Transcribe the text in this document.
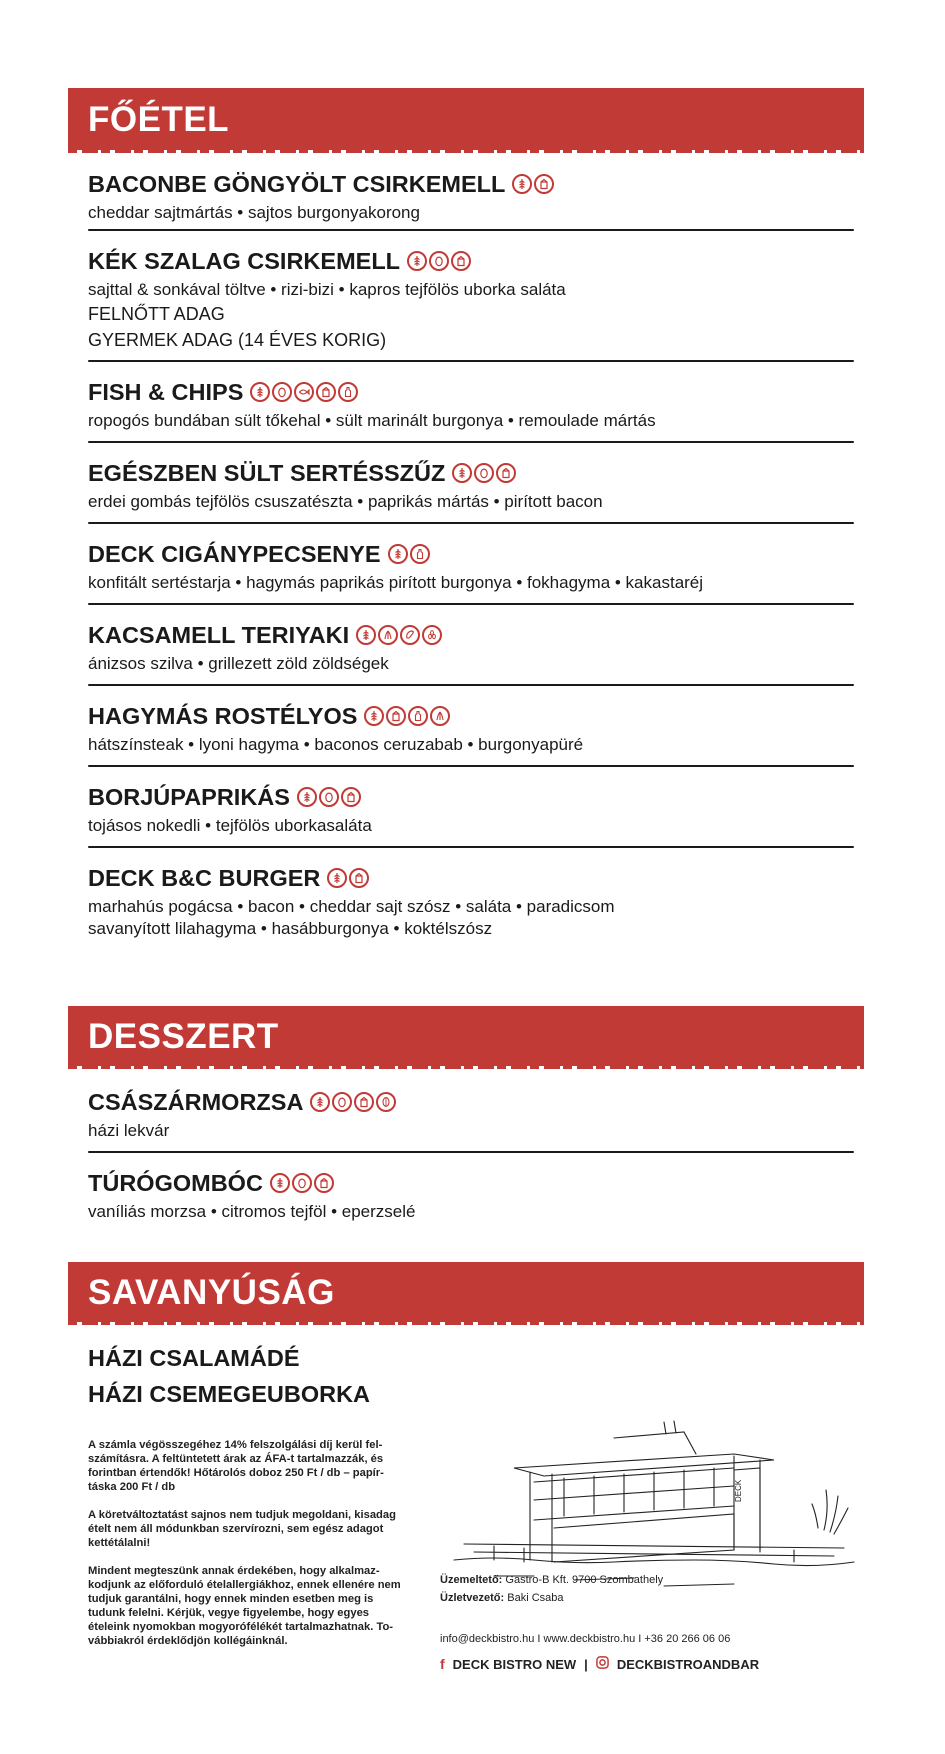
FŐÉTEL
BACONBE GÖNGYÖLT CSIRKEMELL
cheddar sajtmártás • sajtos burgonyakorong
KÉK SZALAG CSIRKEMELL
sajttal & sonkával töltve • rizi-bizi • kapros tejfölös uborka saláta
FELNŐTT ADAG
GYERMEK ADAG (14 ÉVES KORIG)
FISH & CHIPS
ropogós bundában sült tőkehal • sült marinált burgonya • remoulade mártás
EGÉSZBEN SÜLT SERTÉSSZŰZ
erdei gombás tejfölös csuszatészta • paprikás mártás • pirított bacon
DECK CIGÁNYPECSENYE
konfitált sertéstarja • hagymás paprikás pirított burgonya • fokhagyma • kakastaréj
KACSAMELL TERIYAKI
ánizsos szilva • grillezett zöld zöldségek
HAGYMÁS ROSTÉLYOS
hátszínsteak • lyoni hagyma • baconos ceruzabab • burgonyapüré
BORJÚPAPRIKÁS
tojásos nokedli • tejfölös uborkasaláta
DECK B&C BURGER
marhahús pogácsa • bacon • cheddar sajt szósz • saláta • paradicsom
savanyított lilahagyma • hasábburgonya • koktélszósz
DESSZERT
CSÁSZÁRMORZSA
házi lekvár
TÚRÓGOMBÓC
vaníliás morzsa • citromos tejföl • eperzselé
SAVANYÚSÁG
HÁZI CSALAMÁDÉ
HÁZI CSEMEGEUBORKA

A számla végösszegéhez 14% felszolgálási díj kerül fel-számításra. A feltüntetett árak az ÁFA-t tartalmazzák, és forintban értendők! Hőtárolós doboz 250 Ft / db – papír-táska 200 Ft / db

A köretváltoztatást sajnos nem tudjuk megoldani, kisadag ételt nem áll módunkban szervírozni, sem egész adagot kettétálalni!

Mindent megteszünk annak érdekében, hogy alkalmaz-kodjunk az előforduló ételallergiákhoz, ennek ellenére nem tudjuk garantálni, hogy ennek minden esetben meg is tudunk felelni. Kérjük, vegye figyelembe, hogy egyes ételeink nyomokban mogyorófélékét tartalmazhatnak. To-vábbiakról érdeklődjön kollégáinknál.

DECK
Üzemeltető: Gastro-B Kft. 9700 Szombathely
Üzletvezető: Baki Csaba
info@deckbistro.hu I www.deckbistro.hu I +36 20 266 06 06
f DECK BISTRO NEW | DECKBISTROANDBAR
